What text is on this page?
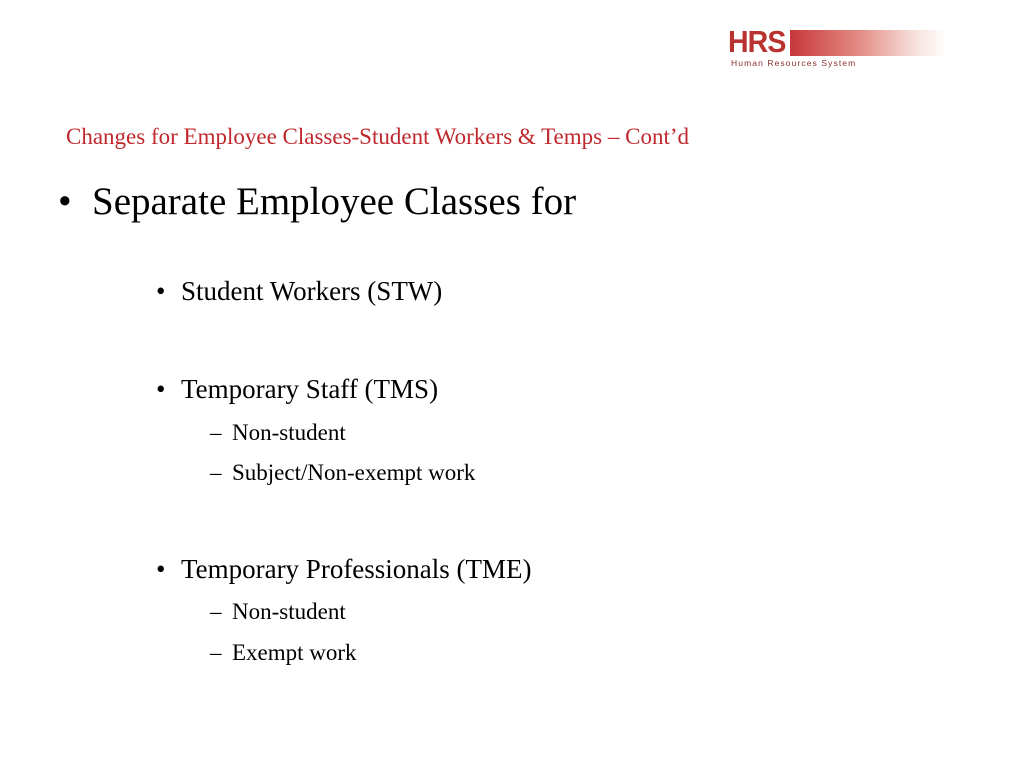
HRS
Human Resources System
Changes for Employee Classes-Student Workers & Temps – Cont’d
• Separate Employee Classes for
• Student Workers (STW)
• Temporary Staff (TMS)
– Non-student
– Subject/Non-exempt work
• Temporary Professionals (TME)
– Non-student
– Exempt work
